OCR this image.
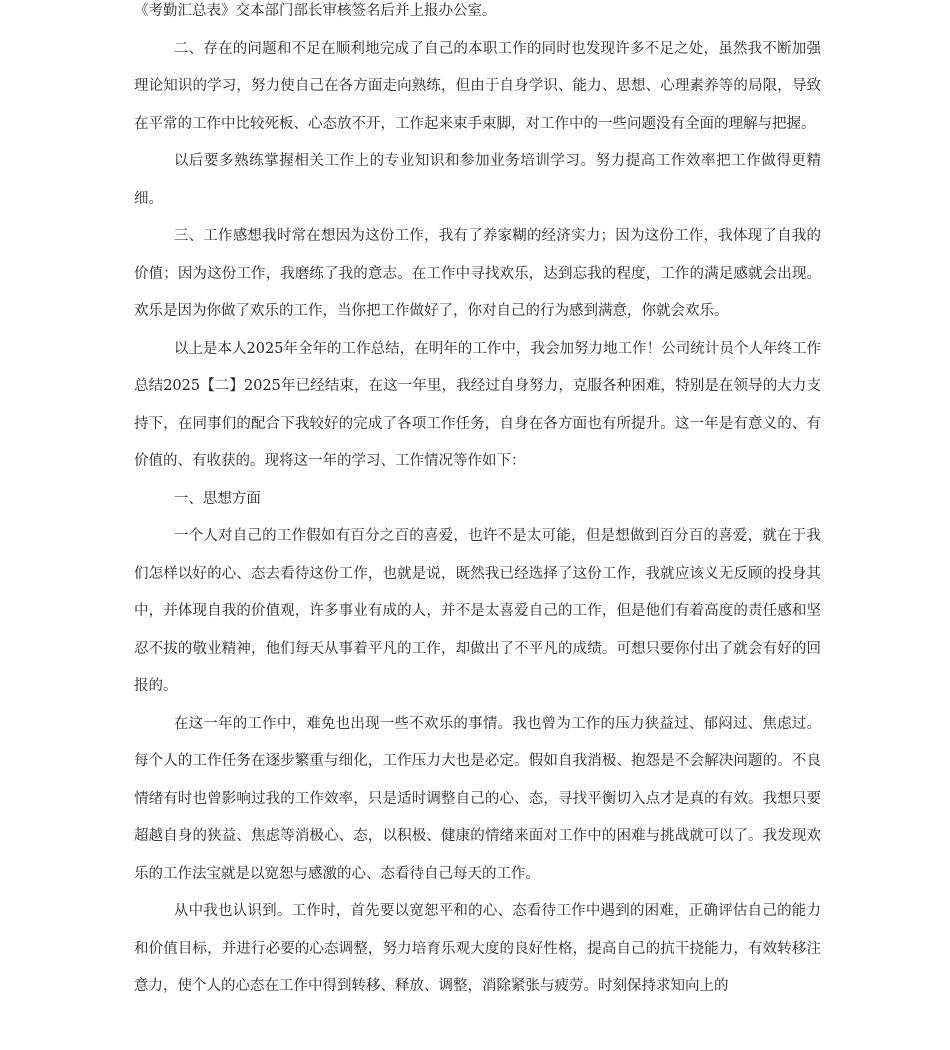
《考勤汇总表》交本部门部长审核签名后并上报办公室。

二、存在的问题和不足在顺利地完成了自己的本职工作的同时也发现许多不足之处，虽然我不断加强理论知识的学习，努力使自己在各方面走向熟练，但由于自身学识、能力、思想、心理素养等的局限，导致在平常的工作中比较死板、心态放不开，工作起来束手束脚，对工作中的一些问题没有全面的理解与把握。

以后要多熟练掌握相关工作上的专业知识和参加业务培训学习。努力提高工作效率把工作做得更精细。

三、工作感想我时常在想因为这份工作，我有了养家糊的经济实力；因为这份工作，我体现了自我的价值；因为这份工作，我磨练了我的意志。在工作中寻找欢乐，达到忘我的程度，工作的满足感就会出现。欢乐是因为你做了欢乐的工作，当你把工作做好了，你对自己的行为感到满意，你就会欢乐。

以上是本人2025年全年的工作总结，在明年的工作中，我会加努力地工作！公司统计员个人年终工作总结2025【二】2025年已经结束，在这一年里，我经过自身努力，克服各种困难，特别是在领导的大力支持下，在同事们的配合下我较好的完成了各项工作任务，自身在各方面也有所提升。这一年是有意义的、有价值的、有收获的。现将这一年的学习、工作情况等作如下：

一、思想方面

一个人对自己的工作假如有百分之百的喜爱，也许不是太可能，但是想做到百分百的喜爱，就在于我们怎样以好的心、态去看待这份工作，也就是说，既然我已经选择了这份工作，我就应该义无反顾的投身其中，并体现自我的价值观，许多事业有成的人，并不是太喜爱自己的工作，但是他们有着高度的责任感和坚忍不拔的敬业精神，他们每天从事着平凡的工作，却做出了不平凡的成绩。可想只要你付出了就会有好的回报的。

在这一年的工作中，难免也出现一些不欢乐的事情。我也曾为工作的压力狭益过、郁闷过、焦虑过。每个人的工作任务在逐步繁重与细化，工作压力大也是必定。假如自我消极、抱怨是不会解决问题的。不良情绪有时也曾影响过我的工作效率，只是适时调整自己的心、态，寻找平衡切入点才是真的有效。我想只要超越自身的狭益、焦虑等消极心、态，以积极、健康的情绪来面对工作中的困难与挑战就可以了。我发现欢乐的工作法宝就是以宽恕与感激的心、态看待自己每天的工作。

从中我也认识到。工作时，首先要以宽恕平和的心、态看待工作中遇到的困难，正确评估自己的能力和价值目标，并进行必要的心态调整，努力培育乐观大度的良好性格，提高自己的抗干挠能力，有效转移注意力，使个人的心态在工作中得到转移、释放、调整，消除紧张与疲劳。时刻保持求知向上的
